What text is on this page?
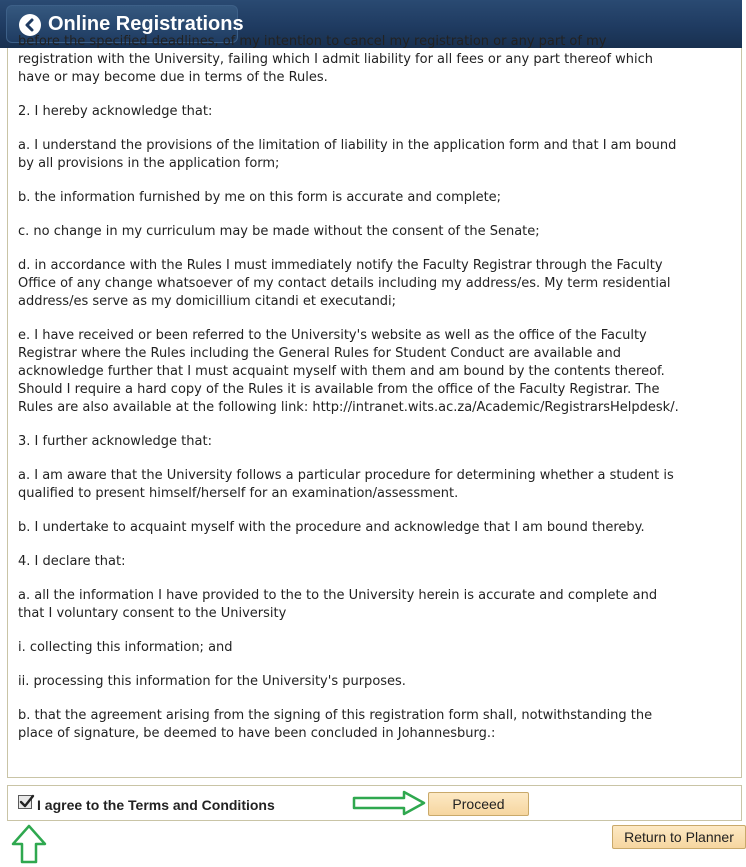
Online Registrations

before the specified deadlines, of my intention to cancel my registration or any part of my registration with the University, failing which I admit liability for all fees or any part thereof which have or may become due in terms of the Rules.

2. I hereby acknowledge that:

a. I understand the provisions of the limitation of liability in the application form and that I am bound by all provisions in the application form;

b. the information furnished by me on this form is accurate and complete;

c. no change in my curriculum may be made without the consent of the Senate;

d. in accordance with the Rules I must immediately notify the Faculty Registrar through the Faculty Office of any change whatsoever of my contact details including my address/es. My term residential address/es serve as my domicillium citandi et executandi;

e. I have received or been referred to the University's website as well as the office of the Faculty Registrar where the Rules including the General Rules for Student Conduct are available and acknowledge further that I must acquaint myself with them and am bound by the contents thereof. Should I require a hard copy of the Rules it is available from the office of the Faculty Registrar. The Rules are also available at the following link: http://intranet.wits.ac.za/Academic/RegistrarsHelpdesk/.

3. I further acknowledge that:

a. I am aware that the University follows a particular procedure for determining whether a student is qualified to present himself/herself for an examination/assessment.

b. I undertake to acquaint myself with the procedure and acknowledge that I am bound thereby.

4. I declare that:

a. all the information I have provided to the to the University herein is accurate and complete and that I voluntary consent to the University

i. collecting this information; and

ii. processing this information for the University's purposes.

b. that the agreement arising from the signing of this registration form shall, notwithstanding the place of signature, be deemed to have been concluded in Johannesburg.:

I agree to the Terms and Conditions	Proceed
Return to Planner
